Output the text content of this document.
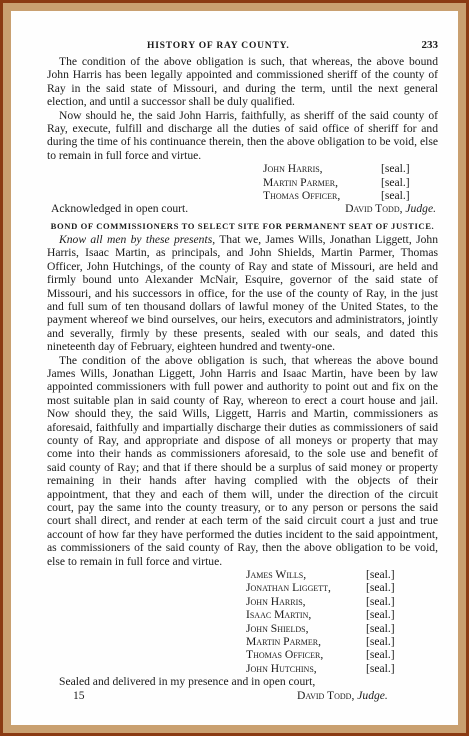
HISTORY OF RAY COUNTY.	233

The condition of the above obligation is such, that whereas, the above bound John Harris has been legally appointed and commissioned sheriff of the county of Ray in the said state of Missouri, and during the term, until the next general election, and until a successor shall be duly qualified.

Now should he, the said John Harris, faithfully, as sheriff of the said county of Ray, execute, fulfill and discharge all the duties of said office of sheriff for and during the time of his continuance therein, then the above obligation to be void, else to remain in full force and virtue.

John Harris,	[seal.]
Martin Parmer,	[seal.]
Thomas Officer,	[seal.]
Acknowledged in open court.	David Todd, Judge.
BOND OF COMMISSIONERS TO SELECT SITE FOR PERMANENT SEAT OF JUSTICE.

Know all men by these presents, That we, James Wills, Jonathan Liggett, John Harris, Isaac Martin, as principals, and John Shields, Martin Parmer, Thomas Officer, John Hutchings, of the county of Ray and state of Missouri, are held and firmly bound unto Alexander McNair, Esquire, governor of the said state of Missouri, and his successors in office, for the use of the county of Ray, in the just and full sum of ten thousand dollars of lawful money of the United States, to the payment whereof we bind ourselves, our heirs, executors and administrators, jointly and severally, firmly by these presents, sealed with our seals, and dated this nineteenth day of February, eighteen hundred and twenty-one.

The condition of the above obligation is such, that whereas the above bound James Wills, Jonathan Liggett, John Harris and Isaac Martin, have been by law appointed commissioners with full power and authority to point out and fix on the most suitable plan in said county of Ray, whereon to erect a court house and jail. Now should they, the said Wills, Liggett, Harris and Martin, commissioners as aforesaid, faithfully and impartially discharge their duties as commissioners of said county of Ray, and appropriate and dispose of all moneys or property that may come into their hands as commissioners aforesaid, to the sole use and benefit of said county of Ray; and that if there should be a surplus of said money or property remaining in their hands after having complied with the objects of their appointment, that they and each of them will, under the direction of the circuit court, pay the same into the county treasury, or to any person or persons the said court shall direct, and render at each term of the said circuit court a just and true account of how far they have performed the duties incident to the said appointment, as commissioners of the said county of Ray, then the above obligation to be void, else to remain in full force and virtue.

James Wills,	[seal.]
Jonathan Liggett,	[seal.]
John Harris,	[seal.]
Isaac Martin,	[seal.]
John Shields,	[seal.]
Martin Parmer,	[seal.]
Thomas Officer,	[seal.]
John Hutchins,	[seal.]

Sealed and delivered in my presence and in open court,

15	David Todd, Judge.
